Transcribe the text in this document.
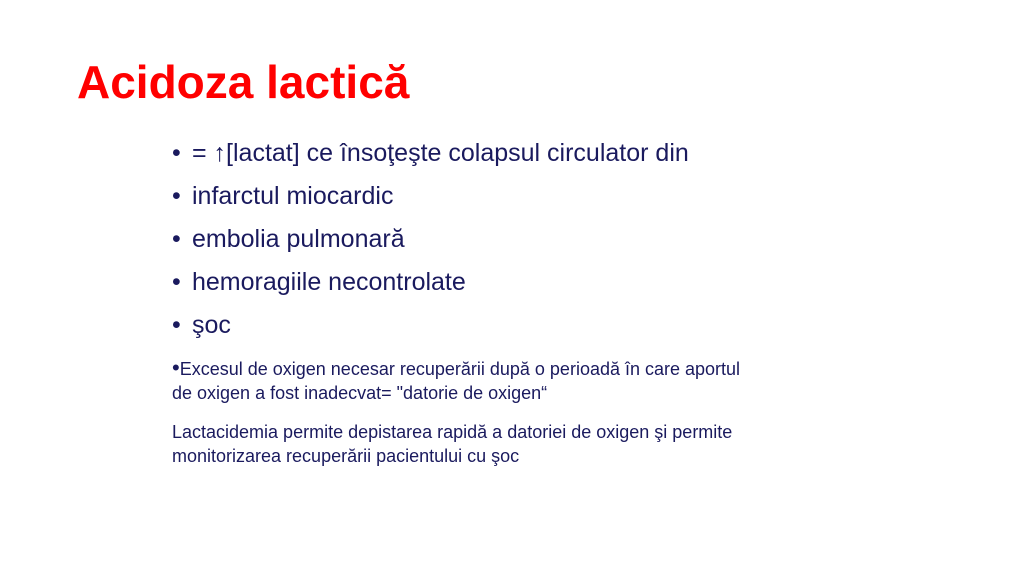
Acidoza lactică
• = ↑[lactat] ce însoţeşte colapsul circulator din
• infarctul miocardic
• embolia pulmonară
• hemoragiile necontrolate
• şoc

•Excesul de oxigen necesar recuperării după o perioadă în care aportul
de oxigen a fost inadecvat= "datorie de oxigen“

Lactacidemia permite depistarea rapidă a datoriei de oxigen şi permite
monitorizarea recuperării pacientului cu şoc
